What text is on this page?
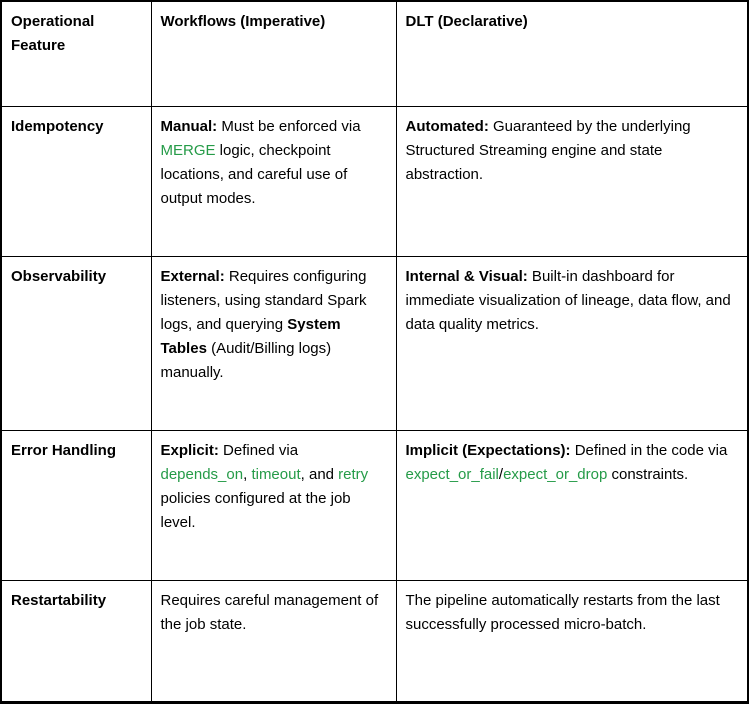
Operational Feature	Workflows (Imperative)	DLT (Declarative)
Idempotency	Manual: Must be enforced via MERGE logic, checkpoint locations, and careful use of output modes.	Automated: Guaranteed by the underlying Structured Streaming engine and state abstraction.
Observability	External: Requires configuring listeners, using standard Spark logs, and querying System Tables (Audit/Billing logs) manually.	Internal & Visual: Built-in dashboard for immediate visualization of lineage, data flow, and data quality metrics.
Error Handling	Explicit: Defined via depends_on, timeout, and retry policies configured at the job level.	Implicit (Expectations): Defined in the code via expect_or_fail/expect_or_drop constraints.
Restartability	Requires careful management of the job state.	The pipeline automatically restarts from the last successfully processed micro-batch.
